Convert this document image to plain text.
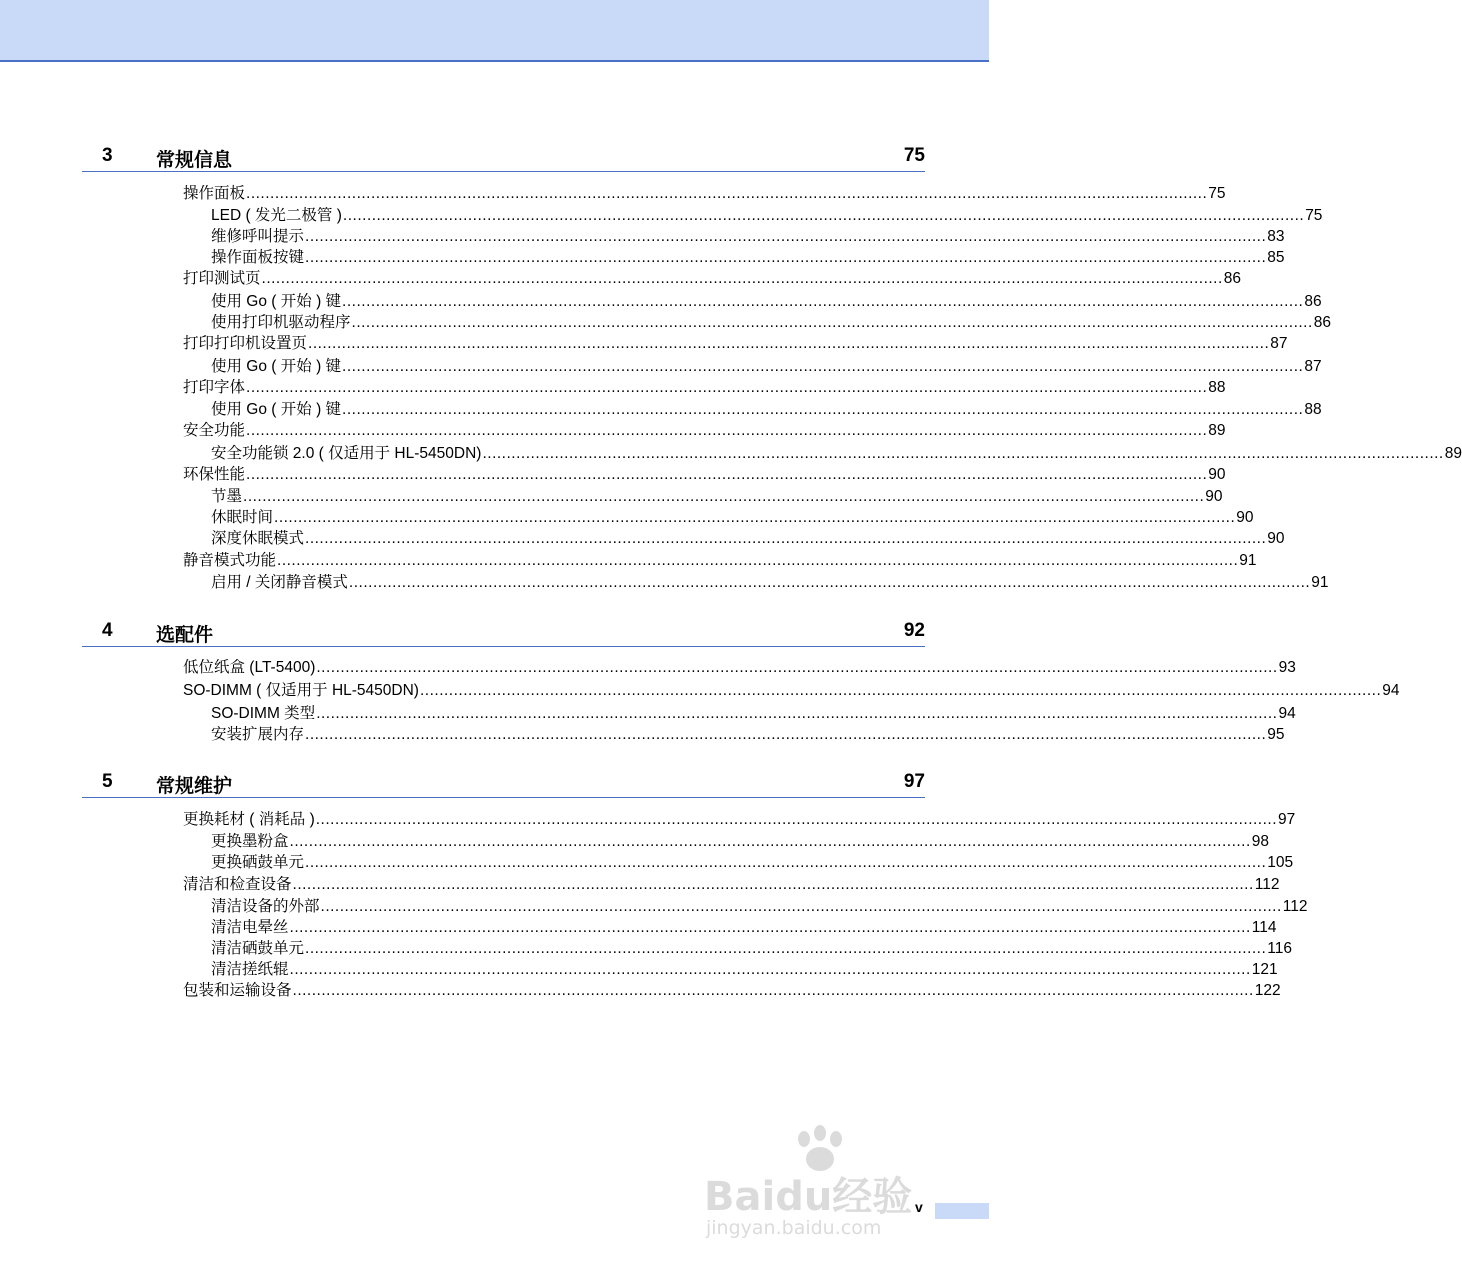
3 常规信息	75
操作面板 ........................................................................................................................................................................................................ 75
LED ( 发光二极管 ) ........................................................................................................................................................................................................ 75
维修呼叫提示 ........................................................................................................................................................................................................ 83
操作面板按键 ........................................................................................................................................................................................................ 85
打印测试页 ........................................................................................................................................................................................................ 86
使用 Go ( 开始 ) 键 ........................................................................................................................................................................................................ 86
使用打印机驱动程序 ........................................................................................................................................................................................................ 86
打印打印机设置页 ........................................................................................................................................................................................................ 87
使用 Go ( 开始 ) 键 ........................................................................................................................................................................................................ 87
打印字体 ........................................................................................................................................................................................................ 88
使用 Go ( 开始 ) 键 ........................................................................................................................................................................................................ 88
安全功能 ........................................................................................................................................................................................................ 89
安全功能锁 2.0 ( 仅适用于 HL-5450DN) ........................................................................................................................................................................................................ 89
环保性能 ........................................................................................................................................................................................................ 90
节墨 ........................................................................................................................................................................................................ 90
休眠时间 ........................................................................................................................................................................................................ 90
深度休眠模式 ........................................................................................................................................................................................................ 90
静音模式功能 ........................................................................................................................................................................................................ 91
启用 / 关闭静音模式 ........................................................................................................................................................................................................ 91
4 选配件	92
低位纸盒 (LT-5400) ........................................................................................................................................................................................................ 93
SO-DIMM ( 仅适用于 HL-5450DN) ........................................................................................................................................................................................................ 94
SO-DIMM 类型 ........................................................................................................................................................................................................ 94
安装扩展内存 ........................................................................................................................................................................................................ 95
5 常规维护	97
更换耗材 ( 消耗品 ) ........................................................................................................................................................................................................ 97
更换墨粉盒 ........................................................................................................................................................................................................ 98
更换硒鼓单元 ........................................................................................................................................................................................................ 105
清洁和检查设备 ........................................................................................................................................................................................................ 112
清洁设备的外部 ........................................................................................................................................................................................................ 112
清洁电晕丝 ........................................................................................................................................................................................................ 114
清洁硒鼓单元 ........................................................................................................................................................................................................ 116
清洁搓纸辊 ........................................................................................................................................................................................................ 121
包装和运输设备 ........................................................................................................................................................................................................ 122
Baidu经验
jingyan.baidu.com
v
